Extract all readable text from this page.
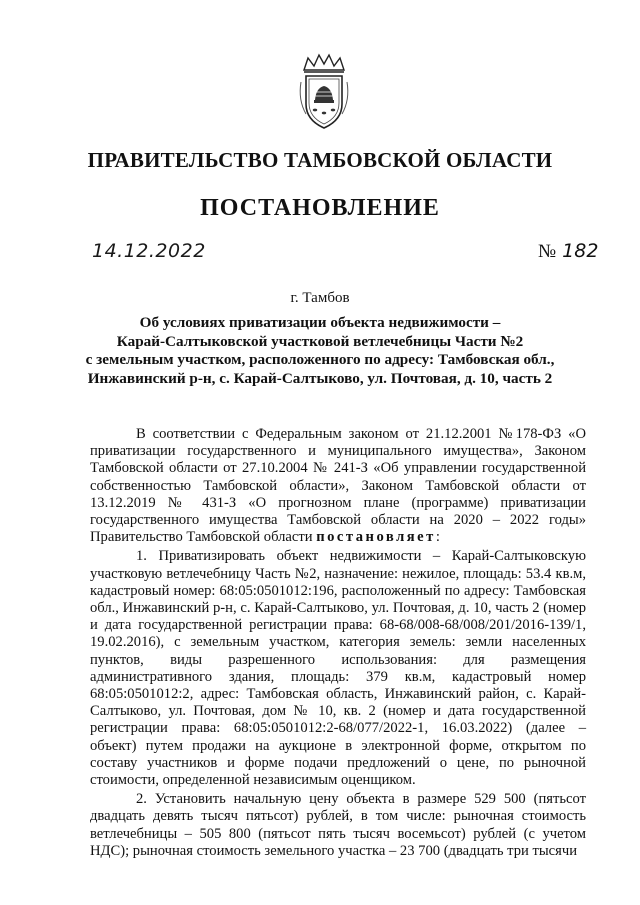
ПРАВИТЕЛЬСТВО ТАМБОВСКОЙ ОБЛАСТИ
ПОСТАНОВЛЕНИЕ
14.12.2022	№ 182
г. Тамбов
Об условиях приватизации объекта недвижимости –
Карай-Салтыковской участковой ветлечебницы Части №2
с земельным участком, расположенного по адресу: Тамбовская обл.,
Инжавинский р-н, с. Карай-Салтыково, ул. Почтовая, д. 10, часть 2

В соответствии с Федеральным законом от 21.12.2001 №178-ФЗ «О приватизации государственного и муниципального имущества», Законом Тамбовской области от 27.10.2004 № 241-З «Об управлении государственной собственностью Тамбовской области», Законом Тамбовской области от 13.12.2019 № 431-З «О прогнозном плане (программе) приватизации государственного имущества Тамбовской области на 2020 – 2022 годы» Правительство Тамбовской области постановляет:

1. Приватизировать объект недвижимости – Карай-Салтыковскую участковую ветлечебницу Часть №2, назначение: нежилое, площадь: 53.4 кв.м, кадастровый номер: 68:05:0501012:196, расположенный по адресу: Тамбовская обл., Инжавинский р-н, с. Карай-Салтыково, ул. Почтовая, д. 10, часть 2 (номер и дата государственной регистрации права: 68-68/008-68/008/201/2016-139/1, 19.02.2016), с земельным участком, категория земель: земли населенных пунктов, виды разрешенного использования: для размещения административного здания, площадь: 379 кв.м, кадастровый номер 68:05:0501012:2, адрес: Тамбовская область, Инжавинский район, с. Карай-Салтыково, ул. Почтовая, дом № 10, кв. 2 (номер и дата государственной регистрации права: 68:05:0501012:2-68/077/2022-1, 16.03.2022) (далее – объект) путем продажи на аукционе в электронной форме, открытом по составу участников и форме подачи предложений о цене, по рыночной стоимости, определенной независимым оценщиком.

2. Установить начальную цену объекта в размере 529 500 (пятьсот двадцать девять тысяч пятьсот) рублей, в том числе: рыночная стоимость ветлечебницы – 505 800 (пятьсот пять тысяч восемьсот) рублей (с учетом НДС); рыночная стоимость земельного участка – 23 700 (двадцать три тысячи
